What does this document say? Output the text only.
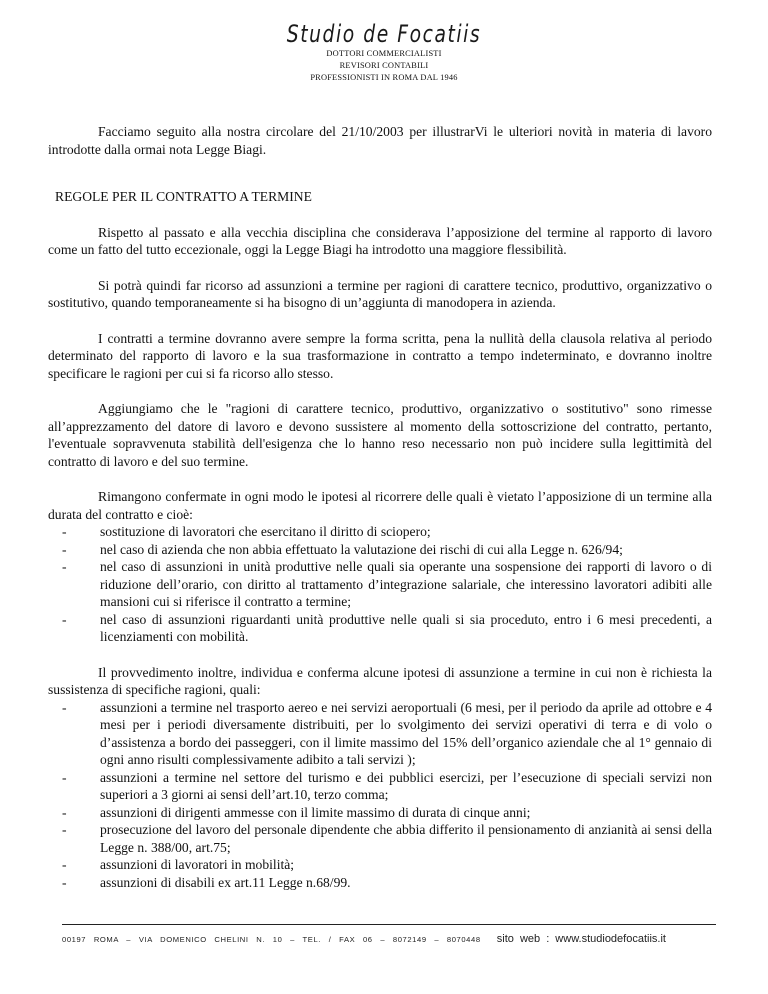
Studio de Focatiis
DOTTORI COMMERCIALISTI
REVISORI CONTABILI
PROFESSIONISTI IN ROMA DAL 1946

Facciamo seguito alla nostra circolare del 21/10/2003 per illustrarVi le ulteriori novità in materia di lavoro introdotte dalla ormai nota Legge Biagi.

REGOLE PER IL CONTRATTO A TERMINE

Rispetto al passato e alla vecchia disciplina che considerava l’apposizione del termine al rapporto di lavoro come un fatto del tutto eccezionale, oggi la Legge Biagi ha introdotto una maggiore flessibilità.

Si potrà quindi far ricorso ad assunzioni a termine per ragioni di carattere tecnico, produttivo, organizzativo o sostitutivo, quando temporaneamente si ha bisogno di un’aggiunta di manodopera in azienda.

I contratti a termine dovranno avere sempre la forma scritta, pena la nullità della clausola relativa al periodo determinato del rapporto di lavoro e la sua trasformazione in contratto a tempo indeterminato, e dovranno inoltre specificare le ragioni per cui si fa ricorso allo stesso.

Aggiungiamo che le "ragioni di carattere tecnico, produttivo, organizzativo o sostitutivo" sono rimesse all’apprezzamento del datore di lavoro e devono sussistere al momento della sottoscrizione del contratto, pertanto, l'eventuale sopravvenuta stabilità dell'esigenza che lo hanno reso necessario non può incidere sulla legittimità del contratto di lavoro e del suo termine.

Rimangono confermate in ogni modo le ipotesi al ricorrere delle quali è vietato l’apposizione di un termine alla durata del contratto e cioè:

- sostituzione di lavoratori che esercitano il diritto di sciopero;
- nel caso di azienda che non abbia effettuato la valutazione dei rischi di cui alla Legge n. 626/94;
- nel caso di assunzioni in unità produttive nelle quali sia operante una sospensione dei rapporti di lavoro o di riduzione dell’orario, con diritto al trattamento d’integrazione salariale, che interessino lavoratori adibiti alle mansioni cui si riferisce il contratto a termine;
- nel caso di assunzioni riguardanti unità produttive nelle quali si sia proceduto, entro i 6 mesi precedenti, a licenziamenti con mobilità.

Il provvedimento inoltre, individua e conferma alcune ipotesi di assunzione a termine in cui non è richiesta la sussistenza di specifiche ragioni, quali:

- assunzioni a termine nel trasporto aereo e nei servizi aeroportuali (6 mesi, per il periodo da aprile ad ottobre e 4 mesi per i periodi diversamente distribuiti, per lo svolgimento dei servizi operativi di terra e di volo o d’assistenza a bordo dei passeggeri, con il limite massimo del 15% dell’organico aziendale che al 1° gennaio di ogni anno risulti complessivamente adibito a tali servizi );
- assunzioni a termine nel settore del turismo e dei pubblici esercizi, per l’esecuzione di speciali servizi non superiori a 3 giorni ai sensi dell’art.10, terzo comma;
- assunzioni di dirigenti ammesse con il limite massimo di durata di cinque anni;
- prosecuzione del lavoro del personale dipendente che abbia differito il pensionamento di anzianità ai sensi della Legge n. 388/00, art.75;
- assunzioni di lavoratori in mobilità;
- assunzioni di disabili ex art.11 Legge n.68/99.
00197 ROMA – VIA DOMENICO CHELINI N. 10 – TEL. / FAX 06 – 8072149 – 8070448 sito web : www.studiodefocatiis.it
